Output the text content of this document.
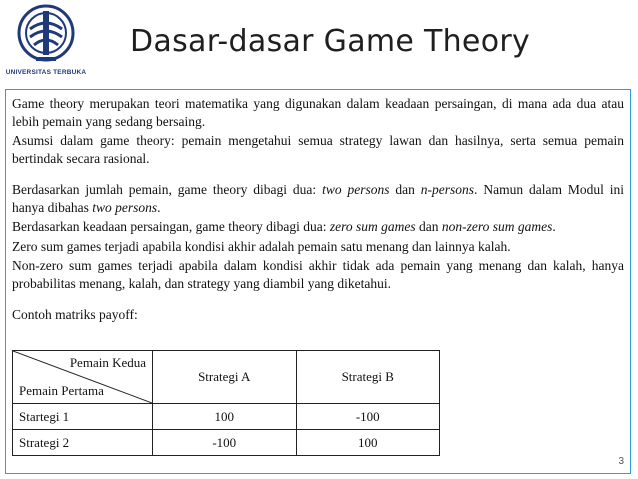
UNIVERSITAS TERBUKA
Dasar-dasar Game Theory

Game theory merupakan teori matematika yang digunakan dalam keadaan persaingan, di mana ada dua atau lebih pemain yang sedang bersaing.

Asumsi dalam game theory: pemain mengetahui semua strategy lawan dan hasilnya, serta semua pemain bertindak secara rasional.

Berdasarkan jumlah pemain, game theory dibagi dua: two persons dan n-persons. Namun dalam Modul ini hanya dibahas two persons.

Berdasarkan keadaan persaingan, game theory dibagi dua: zero sum games dan non-zero sum games.

Zero sum games terjadi apabila kondisi akhir adalah pemain satu menang dan lainnya kalah.

Non-zero sum games terjadi apabila dalam kondisi akhir tidak ada pemain yang menang dan kalah, hanya probabilitas menang, kalah, dan strategy yang diambil yang diketahui.

Contoh matriks payoff:

Pemain Kedua
Pemain Pertama	Strategi A	Strategi B
Startegi 1	100	-100
Strategi 2	-100	100
3
